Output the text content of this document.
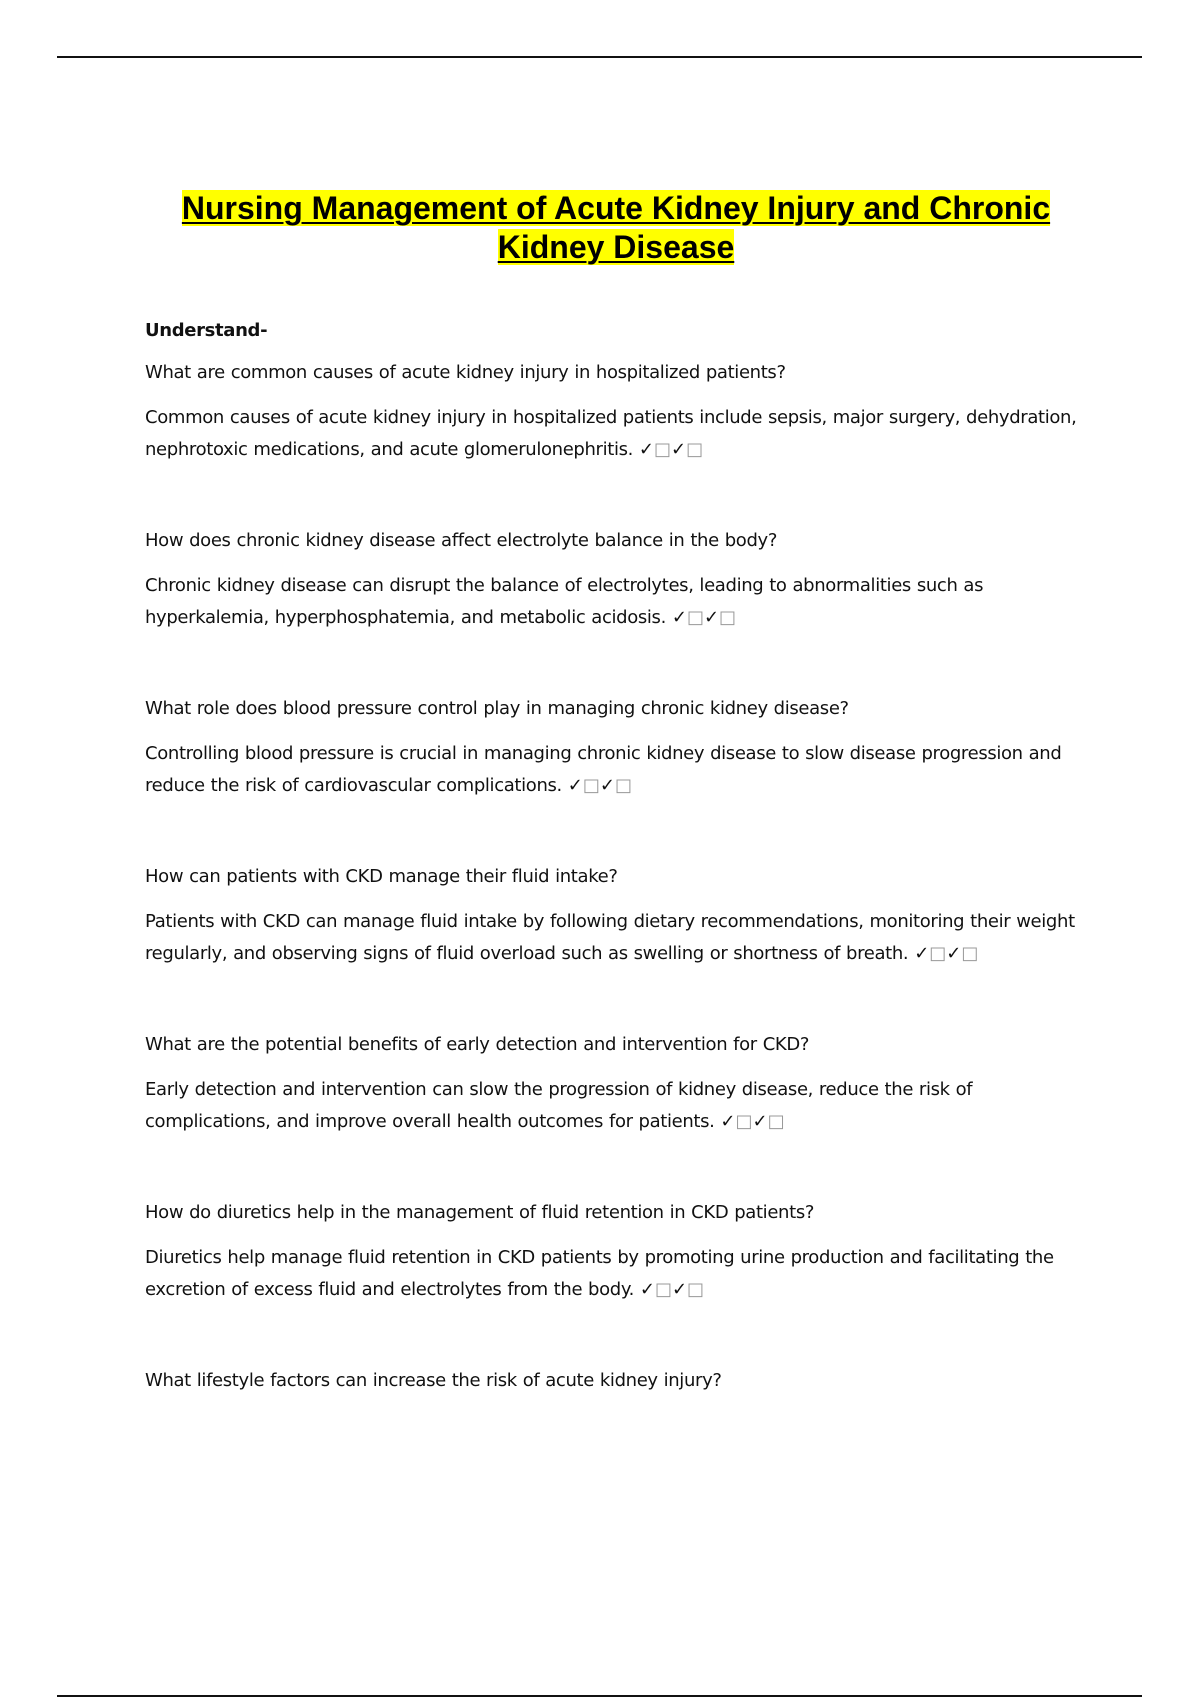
Nursing Management of Acute Kidney Injury and Chronic Kidney Disease
Understand-
What are common causes of acute kidney injury in hospitalized patients?
Common causes of acute kidney injury in hospitalized patients include sepsis, major surgery, dehydration, nephrotoxic medications, and acute glomerulonephritis. ✓□✓□
How does chronic kidney disease affect electrolyte balance in the body?
Chronic kidney disease can disrupt the balance of electrolytes, leading to abnormalities such as hyperkalemia, hyperphosphatemia, and metabolic acidosis. ✓□✓□
What role does blood pressure control play in managing chronic kidney disease?
Controlling blood pressure is crucial in managing chronic kidney disease to slow disease progression and reduce the risk of cardiovascular complications. ✓□✓□
How can patients with CKD manage their fluid intake?
Patients with CKD can manage fluid intake by following dietary recommendations, monitoring their weight regularly, and observing signs of fluid overload such as swelling or shortness of breath. ✓□✓□
What are the potential benefits of early detection and intervention for CKD?
Early detection and intervention can slow the progression of kidney disease, reduce the risk of complications, and improve overall health outcomes for patients. ✓□✓□
How do diuretics help in the management of fluid retention in CKD patients?
Diuretics help manage fluid retention in CKD patients by promoting urine production and facilitating the excretion of excess fluid and electrolytes from the body. ✓□✓□
What lifestyle factors can increase the risk of acute kidney injury?
